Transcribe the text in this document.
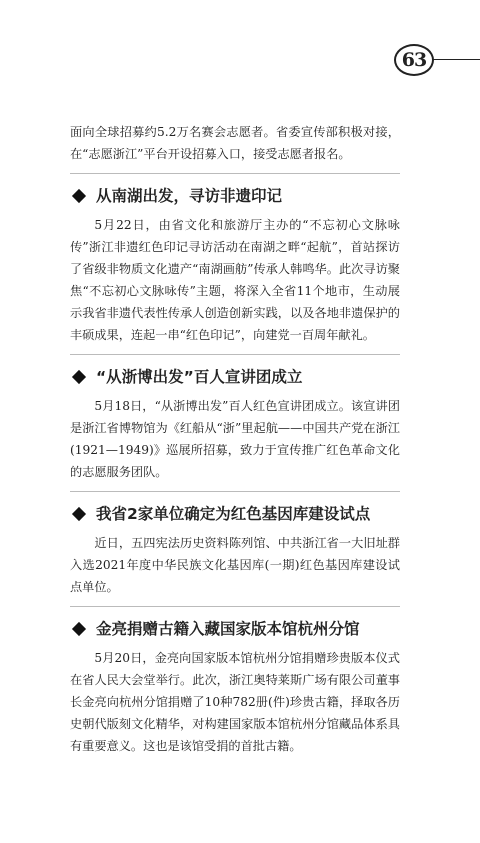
63

面向全球招募约5.2万名赛会志愿者。省委宣传部积极对接，在“志愿浙江”平台开设招募入口，接受志愿者报名。

从南湖出发，寻访非遗印记

5月22日，由省文化和旅游厅主办的“不忘初心文脉咏传”浙江非遗红色印记寻访活动在南湖之畔“起航”，首站探访了省级非物质文化遗产“南湖画舫”传承人韩鸣华。此次寻访聚焦“不忘初心文脉咏传”主题，将深入全省11个地市，生动展示我省非遗代表性传承人创造创新实践，以及各地非遗保护的丰硕成果，连起一串“红色印记”，向建党一百周年献礼。

“从浙博出发”百人宣讲团成立

5月18日，“从浙博出发”百人红色宣讲团成立。该宣讲团是浙江省博物馆为《红船从“浙”里起航——中国共产党在浙江(1921—1949)》巡展所招募，致力于宣传推广红色革命文化的志愿服务团队。

我省2家单位确定为红色基因库建设试点

近日，五四宪法历史资料陈列馆、中共浙江省一大旧址群入选2021年度中华民族文化基因库(一期)红色基因库建设试点单位。

金亮捐赠古籍入藏国家版本馆杭州分馆

5月20日，金亮向国家版本馆杭州分馆捐赠珍贵版本仪式在省人民大会堂举行。此次，浙江奥特莱斯广场有限公司董事长金亮向杭州分馆捐赠了10种782册(件)珍贵古籍，择取各历史朝代版刻文化精华，对构建国家版本馆杭州分馆藏品体系具有重要意义。这也是该馆受捐的首批古籍。
